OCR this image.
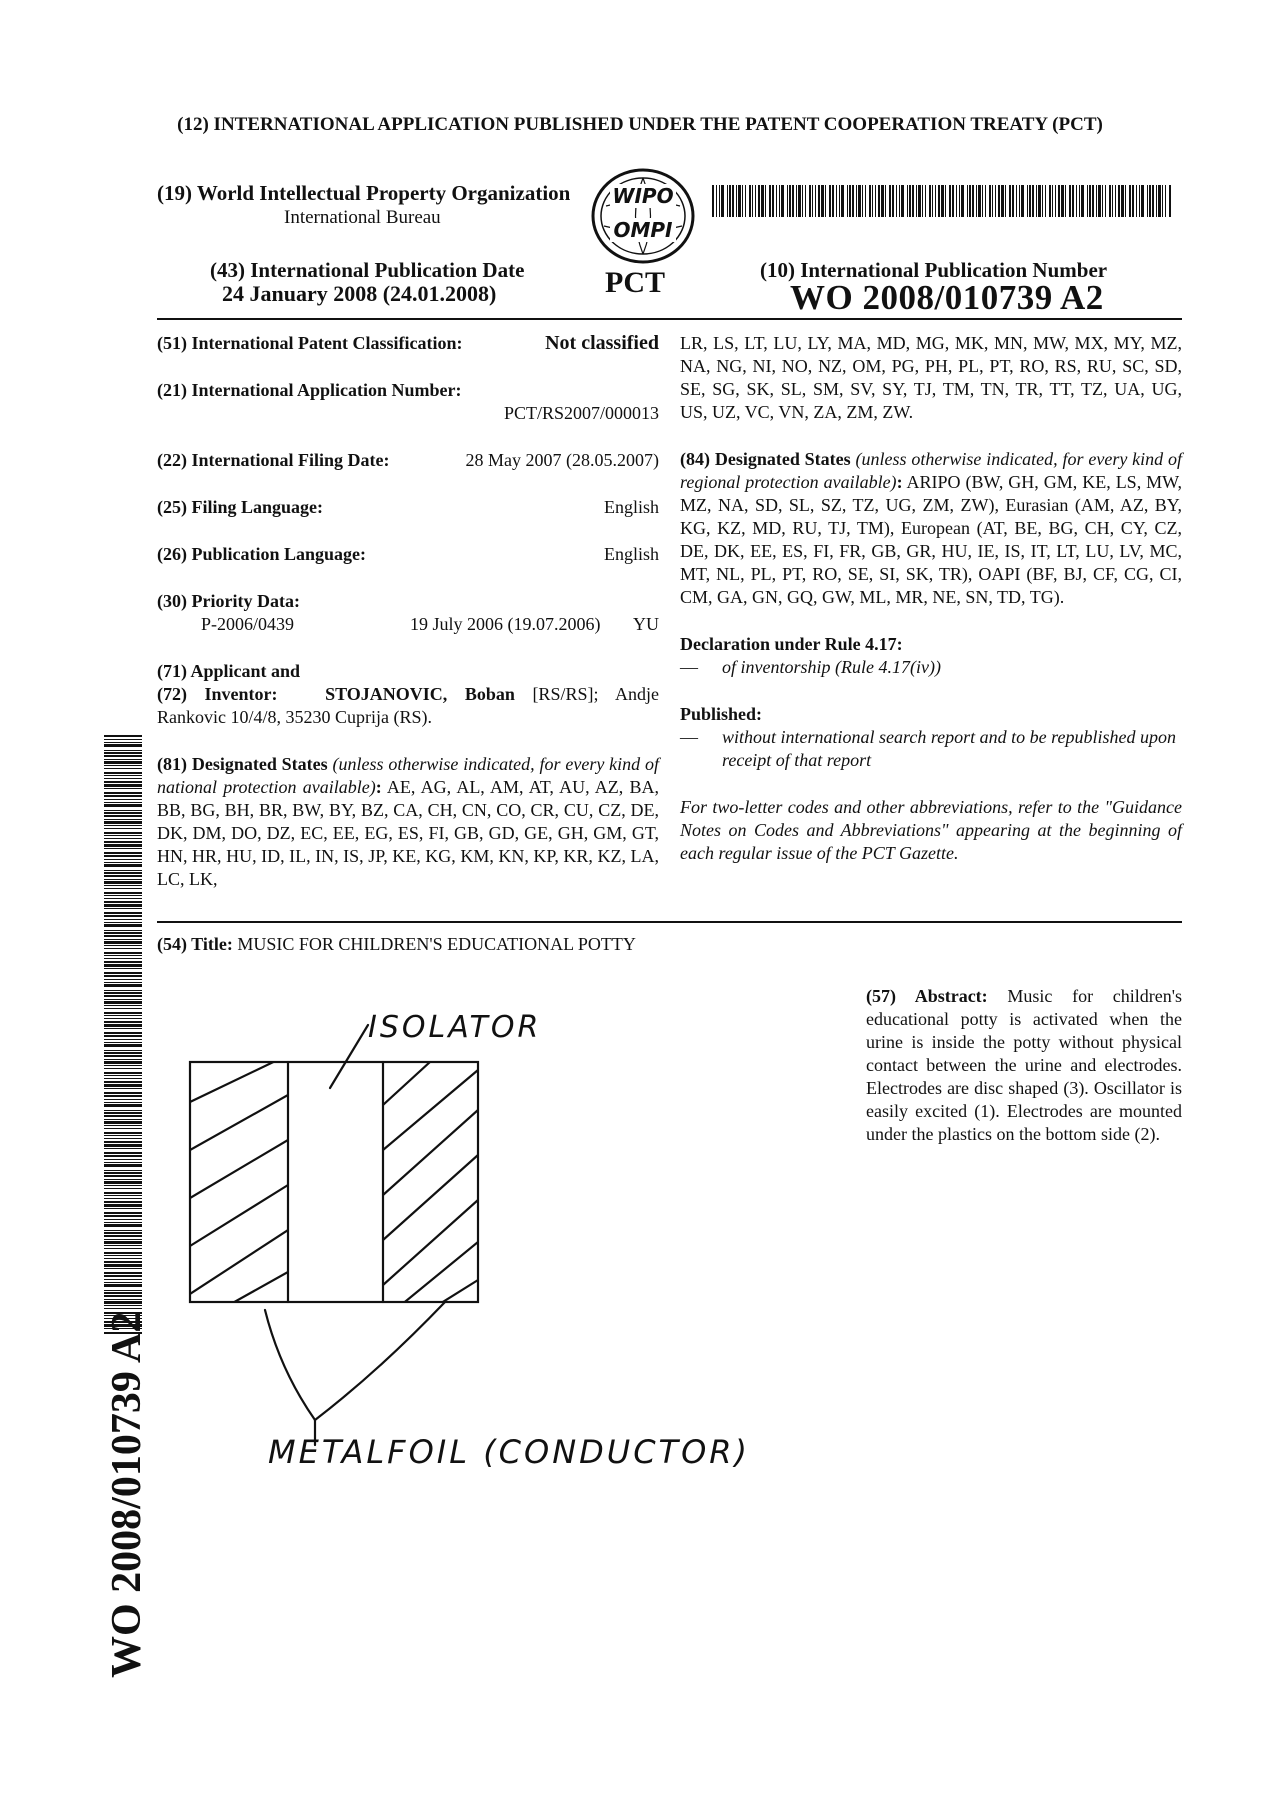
(12) INTERNATIONAL APPLICATION PUBLISHED UNDER THE PATENT COOPERATION TREATY (PCT)
(19) World Intellectual Property Organization
International Bureau
WIPO
OMPI
(43) International Publication Date
24 January 2008 (24.01.2008)	PCT	(10) International Publication Number
WO 2008/010739 A2
(51) International Patent Classification:	Not classified
(21) International Application Number:
PCT/RS2007/000013
(22) International Filing Date:	28 May 2007 (28.05.2007)
(25) Filing Language:	English
(26) Publication Language:	English
(30) Priority Data:
P-2006/0439	19 July 2006 (19.07.2006) YU
(71) Applicant and

(72) Inventor:	STOJANOVIC, Boban [RS/RS]; Andje Rankovic 10/4/8, 35230 Cuprija (RS).

(81) Designated States (unless otherwise indicated, for every kind of national protection available): AE, AG, AL, AM, AT, AU, AZ, BA, BB, BG, BH, BR, BW, BY, BZ, CA, CH, CN, CO, CR, CU, CZ, DE, DK, DM, DO, DZ, EC, EE, EG, ES, FI, GB, GD, GE, GH, GM, GT, HN, HR, HU, ID, IL, IN, IS, JP, KE, KG, KM, KN, KP, KR, KZ, LA, LC, LK,

LR, LS, LT, LU, LY, MA, MD, MG, MK, MN, MW, MX, MY, MZ, NA, NG, NI, NO, NZ, OM, PG, PH, PL, PT, RO, RS, RU, SC, SD, SE, SG, SK, SL, SM, SV, SY, TJ, TM, TN, TR, TT, TZ, UA, UG, US, UZ, VC, VN, ZA, ZM, ZW.

(84) Designated States (unless otherwise indicated, for every kind of regional protection available): ARIPO (BW, GH, GM, KE, LS, MW, MZ, NA, SD, SL, SZ, TZ, UG, ZM, ZW), Eurasian (AM, AZ, BY, KG, KZ, MD, RU, TJ, TM), European (AT, BE, BG, CH, CY, CZ, DE, DK, EE, ES, FI, FR, GB, GR, HU, IE, IS, IT, LT, LU, LV, MC, MT, NL, PL, PT, RO, SE, SI, SK, TR), OAPI (BF, BJ, CF, CG, CI, CM, GA, GN, GQ, GW, ML, MR, NE, SN, TD, TG).

Declaration under Rule 4.17:
—	of inventorship (Rule 4.17(iv))
Published:
—	without international search report and to be republished upon receipt of that report

For two-letter codes and other abbreviations, refer to the "Guidance Notes on Codes and Abbreviations" appearing at the beginning of each regular issue of the PCT Gazette.

(54) Title: MUSIC FOR CHILDREN'S EDUCATIONAL POTTY

(57) Abstract: Music for children's educational potty is activated when the urine is inside the potty without physical contact between the urine and electrodes. Electrodes are disc shaped (3). Oscillator is easily excited (1). Electrodes are mounted under the plastics on the bottom side (2).

ISOLATOR
METALFOIL (CONDUCTOR)
WO 2008/010739 A2
